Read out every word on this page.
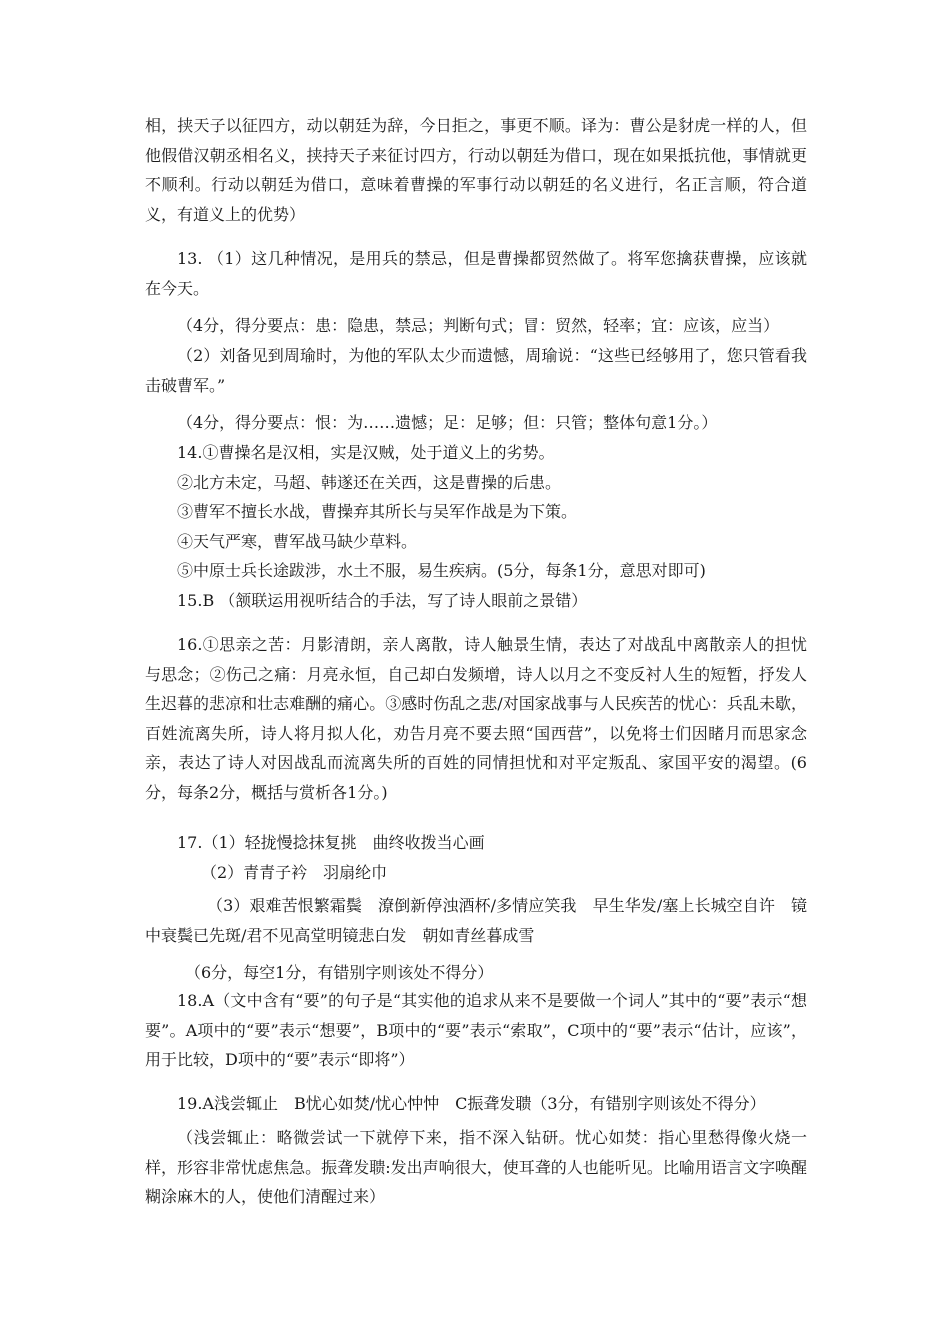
相，挟天子以征四方，动以朝廷为辞，今日拒之，事更不顺。译为：曹公是豺虎一样的人，但他假借汉朝丞相名义，挟持天子来征讨四方，行动以朝廷为借口，现在如果抵抗他，事情就更不顺利。行动以朝廷为借口，意味着曹操的军事行动以朝廷的名义进行，名正言顺，符合道义，有道义上的优势）

13. （1）这几种情况，是用兵的禁忌，但是曹操都贸然做了。将军您擒获曹操，应该就在今天。

（4分，得分要点：患：隐患，禁忌；判断句式；冒：贸然，轻率；宜：应该，应当）

（2）刘备见到周瑜时，为他的军队太少而遗憾，周瑜说：“这些已经够用了，您只管看我击破曹军。”

（4分，得分要点：恨：为……遗憾；足：足够；但：只管；整体句意1分。）

14.①曹操名是汉相，实是汉贼，处于道义上的劣势。

②北方未定，马超、韩遂还在关西，这是曹操的后患。

③曹军不擅长水战，曹操弃其所长与吴军作战是为下策。

④天气严寒，曹军战马缺少草料。

⑤中原士兵长途跋涉，水土不服，易生疾病。(5分，每条1分，意思对即可)

15.B （颔联运用视听结合的手法，写了诗人眼前之景错）

16.①思亲之苦：月影清朗，亲人离散，诗人触景生情，表达了对战乱中离散亲人的担忧与思念；②伤己之痛：月亮永恒，自己却白发频增，诗人以月之不变反衬人生的短暂，抒发人生迟暮的悲凉和壮志难酬的痛心。③感时伤乱之悲/对国家战事与人民疾苦的忧心：兵乱未歇，百姓流离失所，诗人将月拟人化，劝告月亮不要去照“国西营”，以免将士们因睹月而思家念亲，表达了诗人对因战乱而流离失所的百姓的同情担忧和对平定叛乱、家国平安的渴望。(6分，每条2分，概括与赏析各1分。)

17.（1）轻拢慢捻抹复挑　曲终收拨当心画

（2）青青子衿　羽扇纶巾

（3）艰难苦恨繁霜鬓　潦倒新停浊酒杯/多情应笑我　早生华发/塞上长城空自许　镜中衰鬓已先斑/君不见高堂明镜悲白发　朝如青丝暮成雪

（6分，每空1分，有错别字则该处不得分）

18.A（文中含有“要”的句子是“其实他的追求从来不是要做一个词人”其中的“要”表示“想要”。A项中的“要”表示“想要”，B项中的“要”表示“索取”，C项中的“要”表示“估计，应该”，用于比较，D项中的“要”表示“即将”）

19.A浅尝辄止　B忧心如焚/忧心忡忡　C振聋发聩（3分，有错别字则该处不得分）

（浅尝辄止：略微尝试一下就停下来，指不深入钻研。忧心如焚：指心里愁得像火烧一样，形容非常忧虑焦急。振聋发聩:发出声响很大，使耳聋的人也能听见。比喻用语言文字唤醒糊涂麻木的人，使他们清醒过来）
